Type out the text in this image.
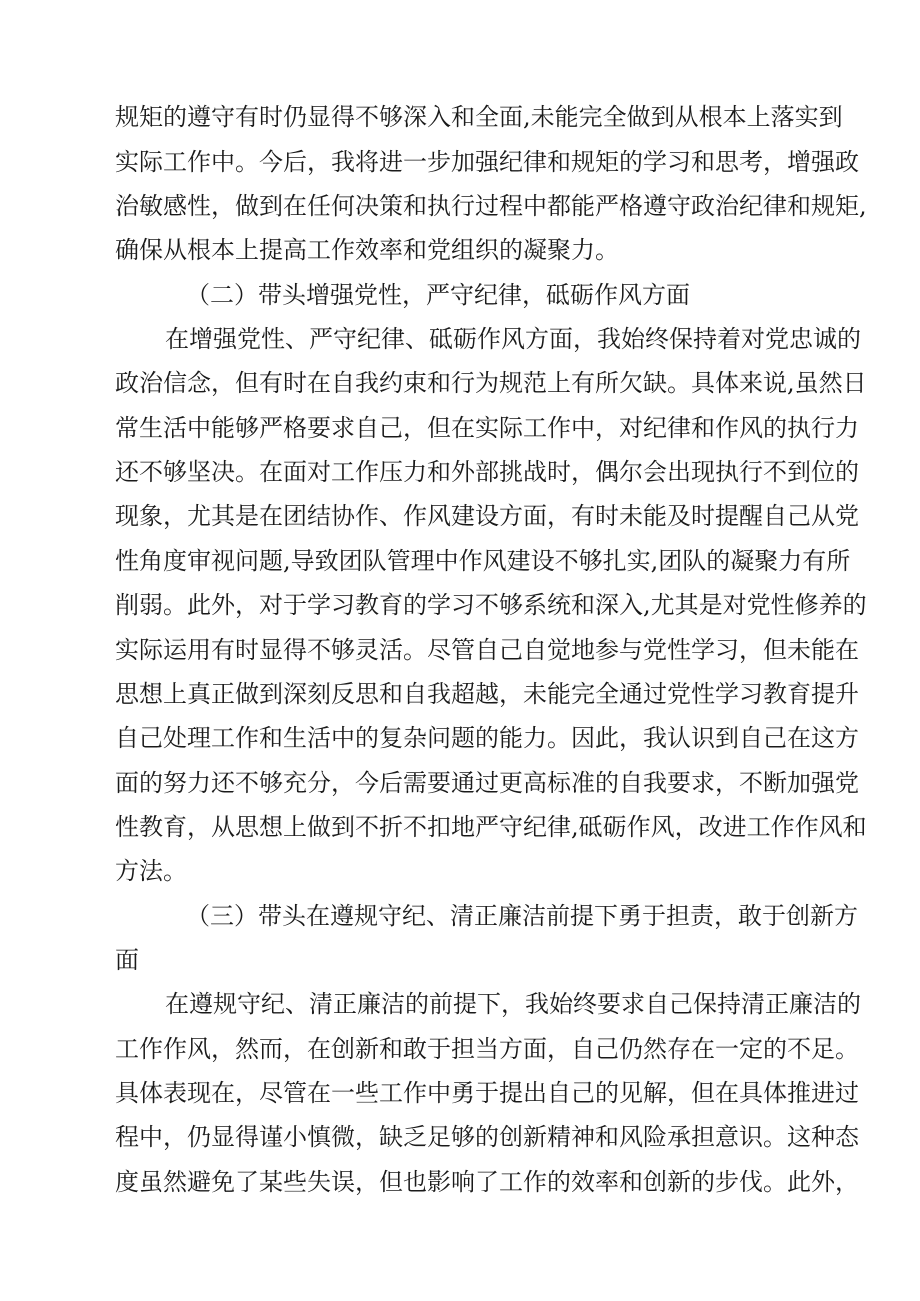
规矩的遵守有时仍显得不够深入和全面,未能完全做到从根本上落实到
实际工作中。今后，我将进一步加强纪律和规矩的学习和思考，增强政
治敏感性，做到在任何决策和执行过程中都能严格遵守政治纪律和规矩,
确保从根本上提高工作效率和党组织的凝聚力。
（二）带头增强党性，严守纪律，砥砺作风方面
在增强党性、严守纪律、砥砺作风方面，我始终保持着对党忠诚的
政治信念，但有时在自我约束和行为规范上有所欠缺。具体来说,虽然日
常生活中能够严格要求自己，但在实际工作中，对纪律和作风的执行力
还不够坚决。在面对工作压力和外部挑战时，偶尔会出现执行不到位的
现象，尤其是在团结协作、作风建设方面，有时未能及时提醒自己从党
性角度审视问题,导致团队管理中作风建设不够扎实,团队的凝聚力有所
削弱。此外，对于学习教育的学习不够系统和深入,尤其是对党性修养的
实际运用有时显得不够灵活。尽管自己自觉地参与党性学习，但未能在
思想上真正做到深刻反思和自我超越，未能完全通过党性学习教育提升
自己处理工作和生活中的复杂问题的能力。因此，我认识到自己在这方
面的努力还不够充分，今后需要通过更高标准的自我要求，不断加强党
性教育，从思想上做到不折不扣地严守纪律,砥砺作风，改进工作作风和
方法。
（三）带头在遵规守纪、清正廉洁前提下勇于担责，敢于创新方
面
在遵规守纪、清正廉洁的前提下，我始终要求自己保持清正廉洁的
工作作风，然而，在创新和敢于担当方面，自己仍然存在一定的不足。
具体表现在，尽管在一些工作中勇于提出自己的见解，但在具体推进过
程中，仍显得谨小慎微，缺乏足够的创新精神和风险承担意识。这种态
度虽然避免了某些失误，但也影响了工作的效率和创新的步伐。此外，
